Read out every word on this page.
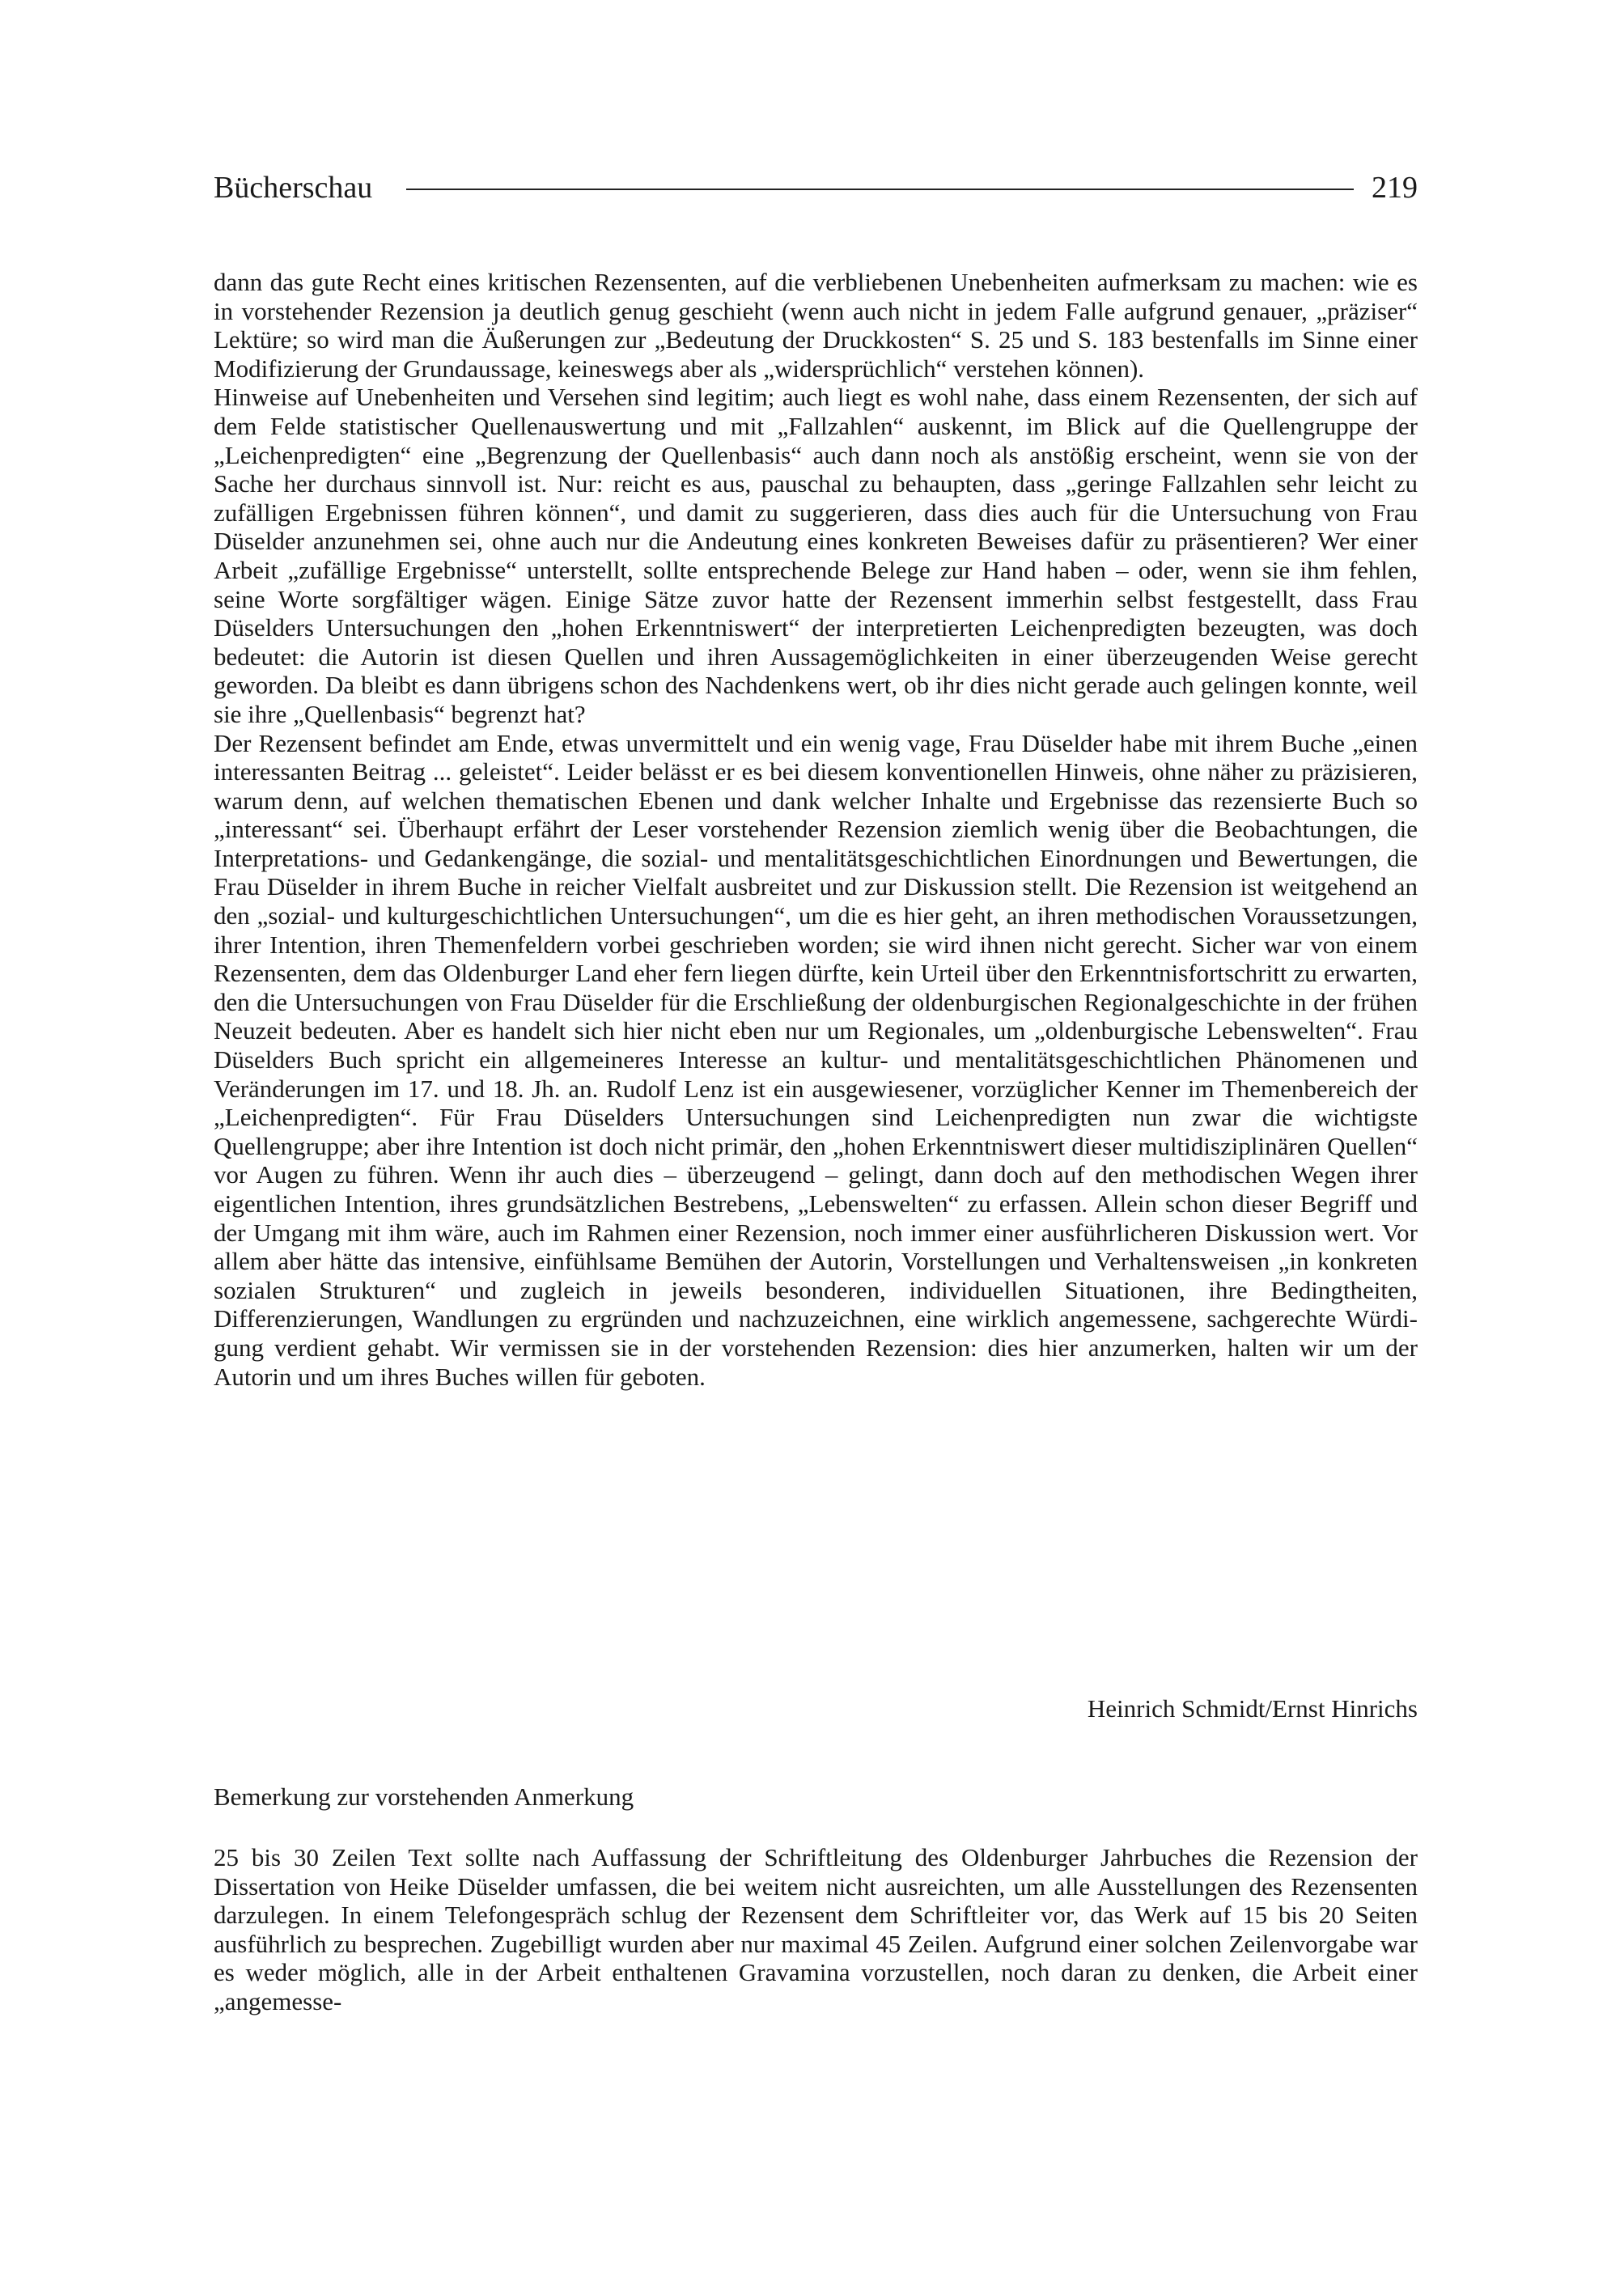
Bücherschau	219

dann das gute Recht eines kritischen Rezensenten, auf die verbliebenen Unebenheiten aufmerksam zu machen: wie es in vorstehender Rezension ja deutlich genug geschieht (wenn auch nicht in jedem Falle aufgrund genauer, „präziser“ Lektüre; so wird man die Äußerungen zur „Bedeutung der Druckkosten“ S. 25 und S. 183 bestenfalls im Sinne einer Modifizierung der Grundaussage, keineswegs aber als „widersprüchlich“ verstehen können).

Hinweise auf Unebenheiten und Versehen sind legitim; auch liegt es wohl nahe, dass einem Rezensenten, der sich auf dem Felde statistischer Quellenauswertung und mit „Fallzahlen“ auskennt, im Blick auf die Quellengruppe der „Leichenpredigten“ eine „Begrenzung der Quellenbasis“ auch dann noch als anstößig erscheint, wenn sie von der Sache her durchaus sinnvoll ist. Nur: reicht es aus, pauschal zu behaupten, dass „geringe Fallzahlen sehr leicht zu zufälligen Ergebnissen führen können“, und damit zu suggerieren, dass dies auch für die Untersuchung von Frau Düselder anzunehmen sei, ohne auch nur die Andeutung eines konkreten Beweises dafür zu präsentieren? Wer einer Arbeit „zufällige Ergebnisse“ unterstellt, sollte entsprechende Belege zur Hand haben – oder, wenn sie ihm fehlen, seine Worte sorgfältiger wägen. Einige Sätze zuvor hatte der Rezensent immerhin selbst festgestellt, dass Frau Düselders Untersuchungen den „hohen Erkenntniswert“ der interpretierten Leichenpredigten bezeugten, was doch bedeutet: die Autorin ist diesen Quellen und ihren Aussagemöglichkeiten in einer überzeugenden Weise gerecht geworden. Da bleibt es dann übrigens schon des Nachdenkens wert, ob ihr dies nicht gerade auch gelingen konnte, weil sie ihre „Quellenbasis“ begrenzt hat?

Der Rezensent befindet am Ende, etwas unvermittelt und ein wenig vage, Frau Düselder habe mit ihrem Buche „einen interessanten Beitrag ... geleistet“. Leider belässt er es bei diesem konventionellen Hinweis, ohne näher zu präzisieren, warum denn, auf welchen thematischen Ebenen und dank welcher Inhalte und Ergebnisse das rezensierte Buch so „interessant“ sei. Überhaupt erfährt der Leser vorstehender Rezension ziemlich wenig über die Beobachtungen, die Interpretations- und Gedankengänge, die sozial- und mentalitätsgeschichtlichen Einordnungen und Bewertungen, die Frau Düselder in ihrem Buche in reicher Vielfalt ausbreitet und zur Diskussion stellt. Die Rezension ist weitgehend an den „sozial- und kulturgeschichtlichen Untersuchungen“, um die es hier geht, an ihren methodischen Voraussetzungen, ihrer Intention, ihren Themenfeldern vorbei geschrieben worden; sie wird ihnen nicht gerecht. Sicher war von einem Rezensenten, dem das Oldenburger Land eher fern liegen dürfte, kein Urteil über den Erkenntnisfortschritt zu erwarten, den die Untersuchungen von Frau Düselder für die Erschließung der oldenburgischen Regionalgeschichte in der frühen Neuzeit bedeuten. Aber es handelt sich hier nicht eben nur um Regionales, um „oldenburgische Lebenswelten“. Frau Düselders Buch spricht ein allgemeineres Interesse an kultur- und mentalitätsgeschichtlichen Phänomenen und Veränderungen im 17. und 18. Jh. an. Rudolf Lenz ist ein ausgewiesener, vorzüglicher Kenner im Themenbereich der „Leichenpredigten“. Für Frau Düselders Untersuchungen sind Leichenpredigten nun zwar die wichtigste Quellengruppe; aber ihre Intention ist doch nicht primär, den „hohen Erkenntniswert dieser multidisziplinären Quellen“ vor Augen zu führen. Wenn ihr auch dies – überzeugend – gelingt, dann doch auf den methodischen Wegen ihrer eigentlichen Intention, ihres grundsätzlichen Bestrebens, „Lebenswelten“ zu erfassen. Allein schon dieser Begriff und der Umgang mit ihm wäre, auch im Rahmen einer Rezension, noch immer einer ausführlicheren Diskussion wert. Vor allem aber hätte das intensive, einfühlsame Bemühen der Autorin, Vorstellungen und Verhaltensweisen „in konkreten sozialen Strukturen“ und zugleich in jeweils besonderen, individuellen Situationen, ihre Bedingtheiten, Differenzierungen, Wandlungen zu ergründen und nachzuzeichnen, eine wirklich angemessene, sachgerechte Würdigung verdient gehabt. Wir vermissen sie in der vorstehenden Rezension: dies hier anzumerken, halten wir um der Autorin und um ihres Buches willen für geboten.

Heinrich Schmidt/Ernst Hinrichs
Bemerkung zur vorstehenden Anmerkung

25 bis 30 Zeilen Text sollte nach Auffassung der Schriftleitung des Oldenburger Jahrbuches die Rezension der Dissertation von Heike Düselder umfassen, die bei weitem nicht ausreichten, um alle Ausstellungen des Rezensenten darzulegen. In einem Telefongespräch schlug der Rezensent dem Schriftleiter vor, das Werk auf 15 bis 20 Seiten ausführlich zu besprechen. Zugebilligt wurden aber nur maximal 45 Zeilen. Aufgrund einer solchen Zeilenvorgabe war es weder möglich, alle in der Arbeit enthaltenen Gravamina vorzustellen, noch daran zu denken, die Arbeit einer „angemesse-
